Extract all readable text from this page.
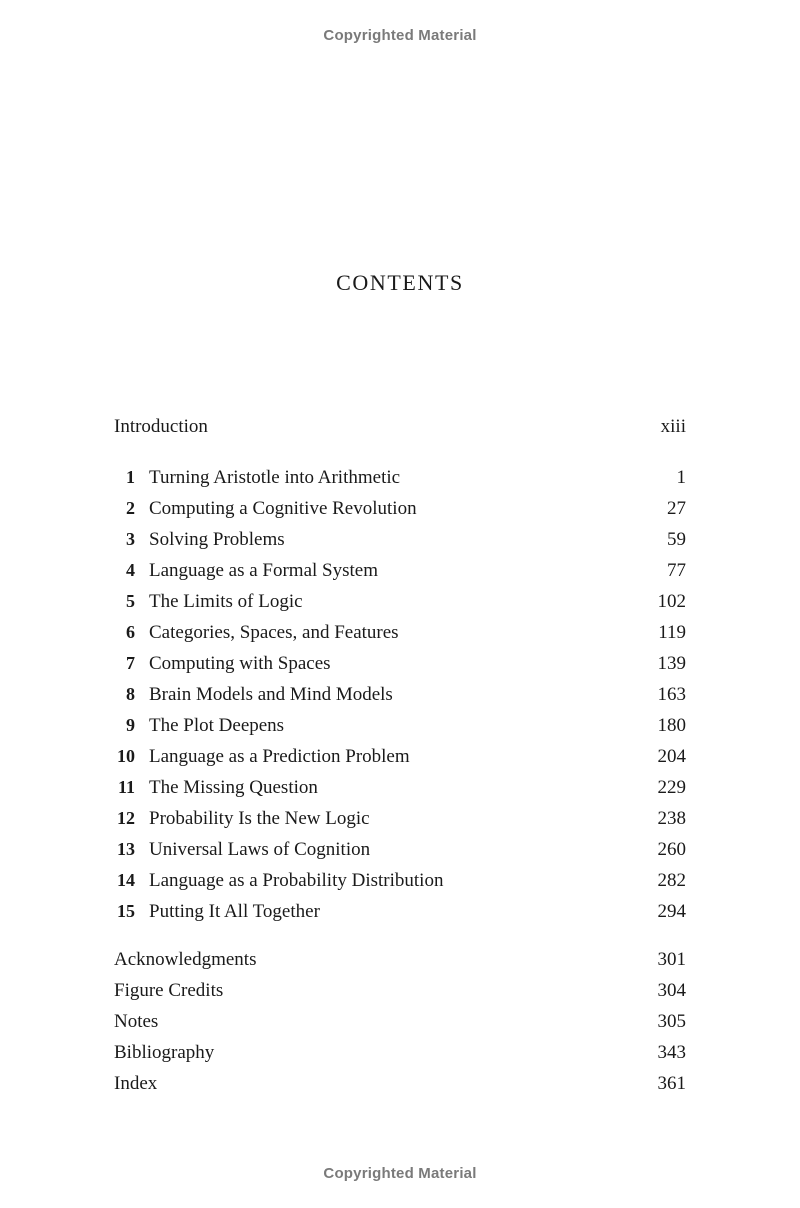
Copyrighted Material
CONTENTS
Introduction	xiii
1 Turning Aristotle into Arithmetic	1
2 Computing a Cognitive Revolution	27
3 Solving Problems	59
4 Language as a Formal System	77
5 The Limits of Logic	102
6 Categories, Spaces, and Features	119
7 Computing with Spaces	139
8 Brain Models and Mind Models	163
9 The Plot Deepens	180
10 Language as a Prediction Problem	204
11 The Missing Question	229
12 Probability Is the New Logic	238
13 Universal Laws of Cognition	260
14 Language as a Probability Distribution	282
15 Putting It All Together	294
Acknowledgments	301
Figure Credits	304
Notes	305
Bibliography	343
Index	361
Copyrighted Material
